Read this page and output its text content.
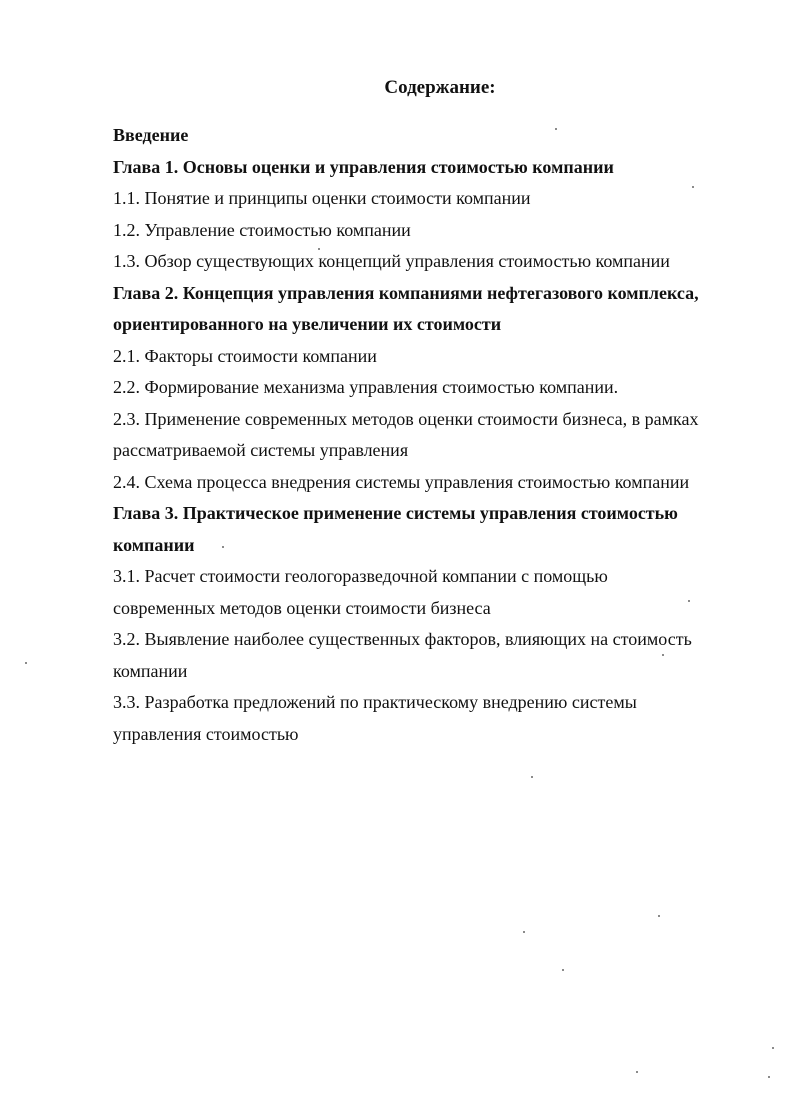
Содержание:
Введение
Глава 1. Основы оценки и управления стоимостью компании
1.1. Понятие и принципы оценки стоимости компании
1.2. Управление стоимостью компании
1.3. Обзор существующих концепций управления стоимостью компании
Глава 2. Концепция управления компаниями нефтегазового комплекса,
ориентированного на увеличении их стоимости
2.1. Факторы стоимости компании
2.2. Формирование механизма управления стоимостью компании.
2.3. Применение современных методов оценки стоимости бизнеса, в рамках
рассматриваемой системы управления
2.4. Схема процесса внедрения системы управления стоимостью компании
Глава 3. Практическое применение системы управления стоимостью
компании
3.1. Расчет стоимости геологоразведочной компании с помощью
современных методов оценки стоимости бизнеса
3.2. Выявление наиболее существенных факторов, влияющих на стоимость
компании
3.3. Разработка предложений по практическому внедрению системы
управления стоимостью
